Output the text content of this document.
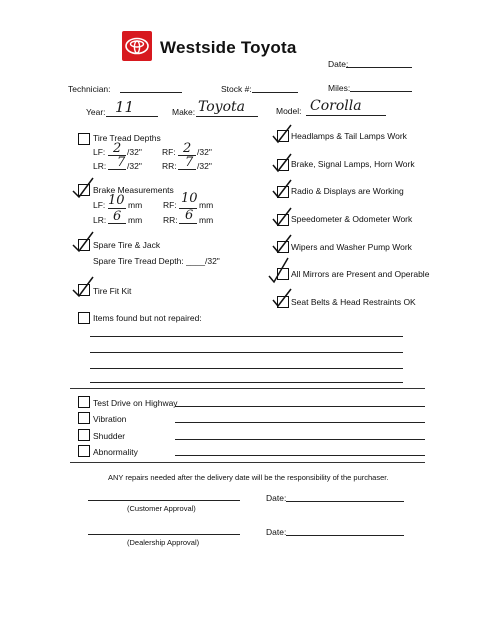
Westside Toyota
Date:
Technician:	Stock #:	Miles:
Year: 11	Make: Toyota	Model: Corolla
Tire Tread Depths
LF: 2 /32" RF: 2 /32"
LR: 7 /32" RR: 7 /32"
Brake Measurements
LF: 10 mm RF: 10 mm
LR: 6 mm RR: 6 mm
Spare Tire & Jack
Spare Tire Tread Depth: ____/32"
Tire Fit Kit
Items found but not repaired:
Headlamps & Tail Lamps Work
Brake, Signal Lamps, Horn Work
Radio & Displays are Working
Speedometer & Odometer Work
Wipers and Washer Pump Work
All Mirrors are Present and Operable
Seat Belts & Head Restraints OK
Test Drive on Highway
Vibration
Shudder
Abnormality
ANY repairs needed after the delivery date will be the responsibility of the purchaser.
(Customer Approval)
Date:
(Dealership Approval)
Date:
